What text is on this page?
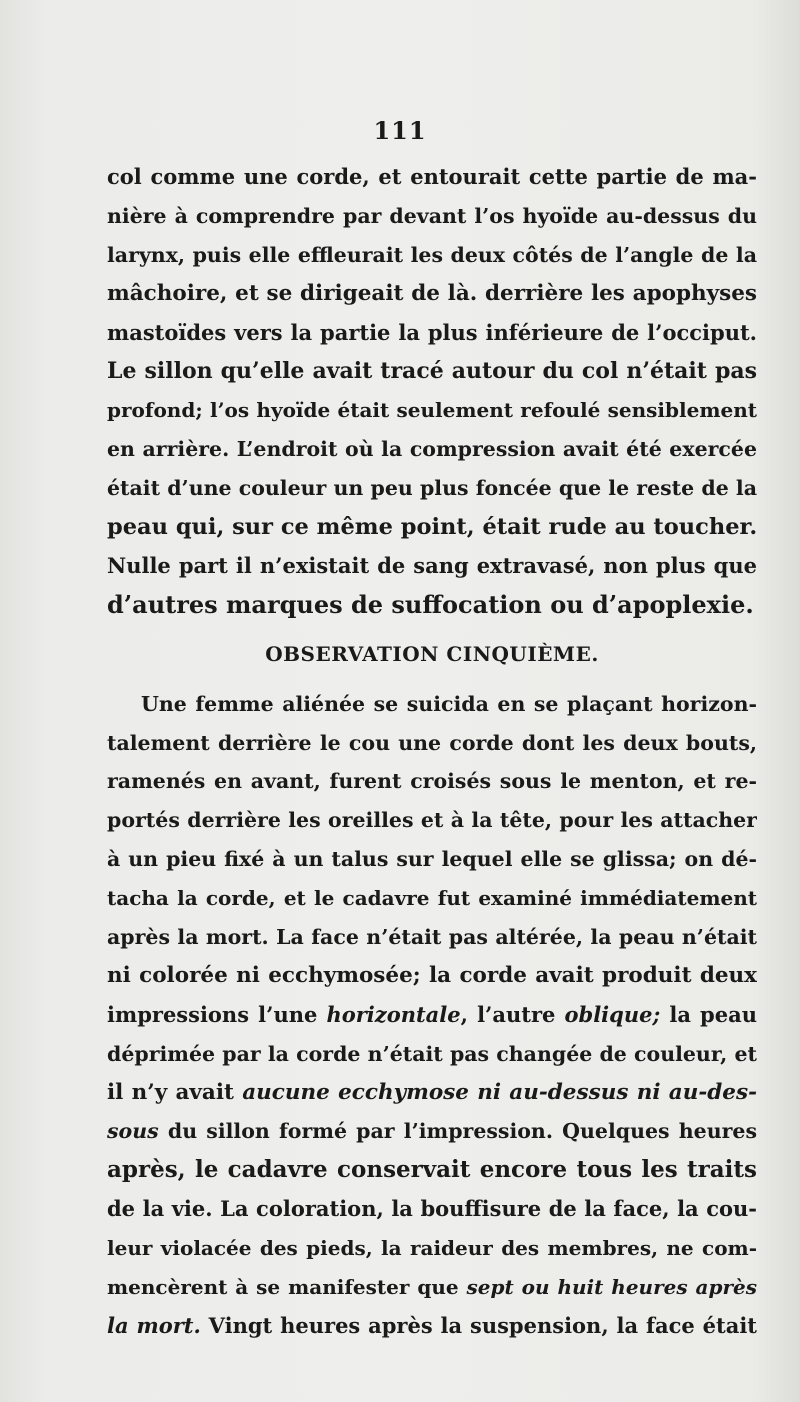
111
col comme une corde, et entourait cette partie de ma-
nière à comprendre par devant l’os hyoïde au-dessus du
larynx, puis elle effleurait les deux côtés de l’angle de la
mâchoire, et se dirigeait de là. derrière les apophyses
mastoïdes vers la partie la plus inférieure de l’occiput.
Le sillon qu’elle avait tracé autour du col n’était pas
profond; l’os hyoïde était seulement refoulé sensiblement
en arrière. L’endroit où la compression avait été exercée
était d’une couleur un peu plus foncée que le reste de la
peau qui, sur ce même point, était rude au toucher.
Nulle part il n’existait de sang extravasé, non plus que
d’autres marques de suffocation ou d’apoplexie.
OBSERVATION CINQUIÈME.
Une femme aliénée se suicida en se plaçant horizon-
talement derrière le cou une corde dont les deux bouts,
ramenés en avant, furent croisés sous le menton, et re-
portés derrière les oreilles et à la tête, pour les attacher
à un pieu fixé à un talus sur lequel elle se glissa; on dé-
tacha la corde, et le cadavre fut examiné immédiatement
après la mort. La face n’était pas altérée, la peau n’était
ni colorée ni ecchymosée; la corde avait produit deux
impressions l’une horizontale, l’autre oblique; la peau
déprimée par la corde n’était pas changée de couleur, et
il n’y avait aucune ecchymose ni au-dessus ni au-des-
sous du sillon formé par l’impression. Quelques heures
après, le cadavre conservait encore tous les traits
de la vie. La coloration, la bouffisure de la face, la cou-
leur violacée des pieds, la raideur des membres, ne com-
mencèrent à se manifester que sept ou huit heures après
la mort. Vingt heures après la suspension, la face était
